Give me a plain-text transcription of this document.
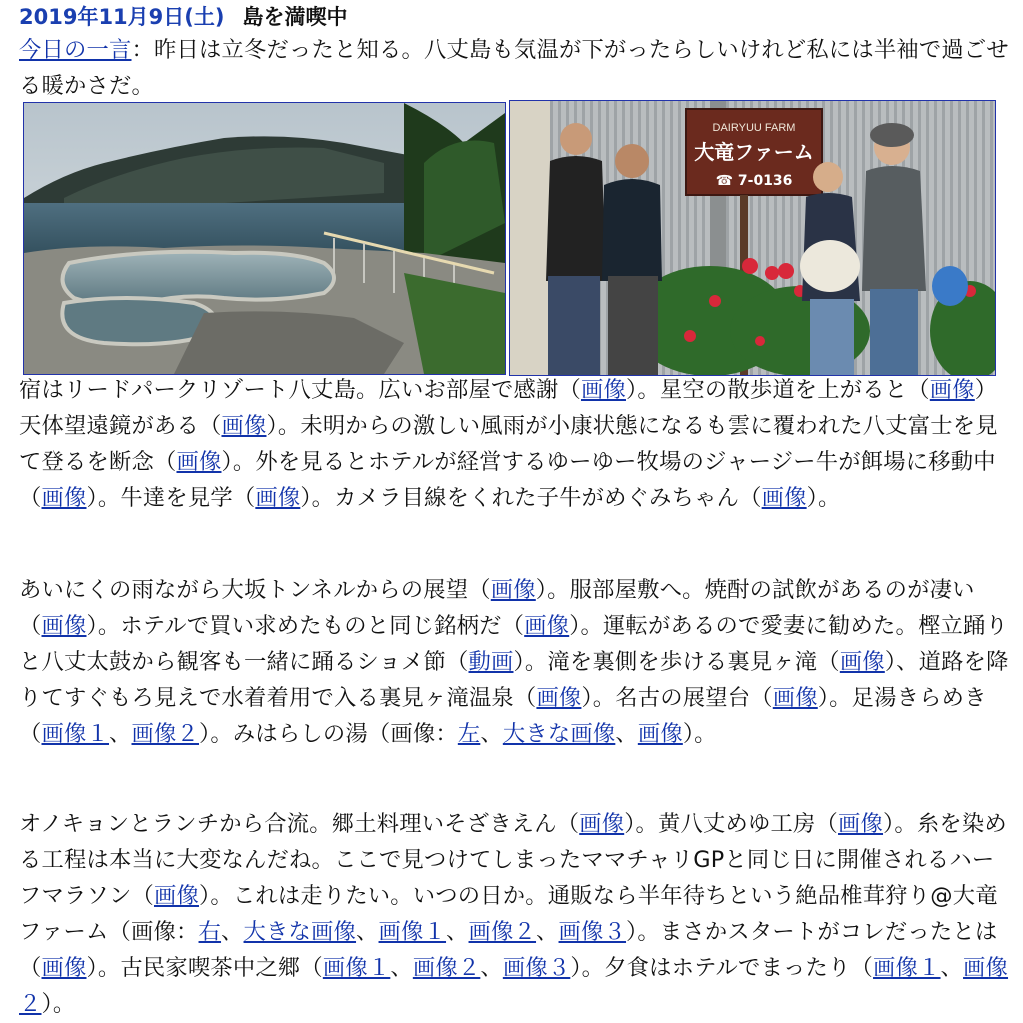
2019年11月9日(土) 島を満喫中

今日の一言：昨日は立冬だったと知る。八丈島も気温が下がったらしいけれど私には半袖で過ごせる暖かさだ。

DAIRYUU FARM
大竜ファーム
☎ 7-0136

宿はリードパークリゾート八丈島。広いお部屋で感謝（画像）。星空の散歩道を上がると（画像）天体望遠鏡がある（画像）。未明からの激しい風雨が小康状態になるも雲に覆われた八丈富士を見て登るを断念（画像）。外を見るとホテルが経営するゆーゆー牧場のジャージー牛が餌場に移動中（画像）。牛達を見学（画像）。カメラ目線をくれた子牛がめぐみちゃん（画像）。

あいにくの雨ながら大坂トンネルからの展望（画像）。服部屋敷へ。焼酎の試飲があるのが凄い（画像）。ホテルで買い求めたものと同じ銘柄だ（画像）。運転があるので愛妻に勧めた。樫立踊りと八丈太鼓から観客も一緒に踊るショメ節（動画）。滝を裏側を歩ける裏見ヶ滝（画像）、道路を降りてすぐもろ見えで水着着用で入る裏見ヶ滝温泉（画像）。名古の展望台（画像）。足湯きらめき（画像１、画像２）。みはらしの湯（画像：左、大きな画像、画像）。

オノキョンとランチから合流。郷土料理いそざきえん（画像）。黄八丈めゆ工房（画像）。糸を染める工程は本当に大変なんだね。ここで見つけてしまったママチャリGPと同じ日に開催されるハーフマラソン（画像）。これは走りたい。いつの日か。通販なら半年待ちという絶品椎茸狩り@大竜ファーム（画像：右、大きな画像、画像１、画像２、画像３）。まさかスタートがコレだったとは（画像）。古民家喫茶中之郷（画像１、画像２、画像３）。夕食はホテルでまったり（画像１、画像２）。
